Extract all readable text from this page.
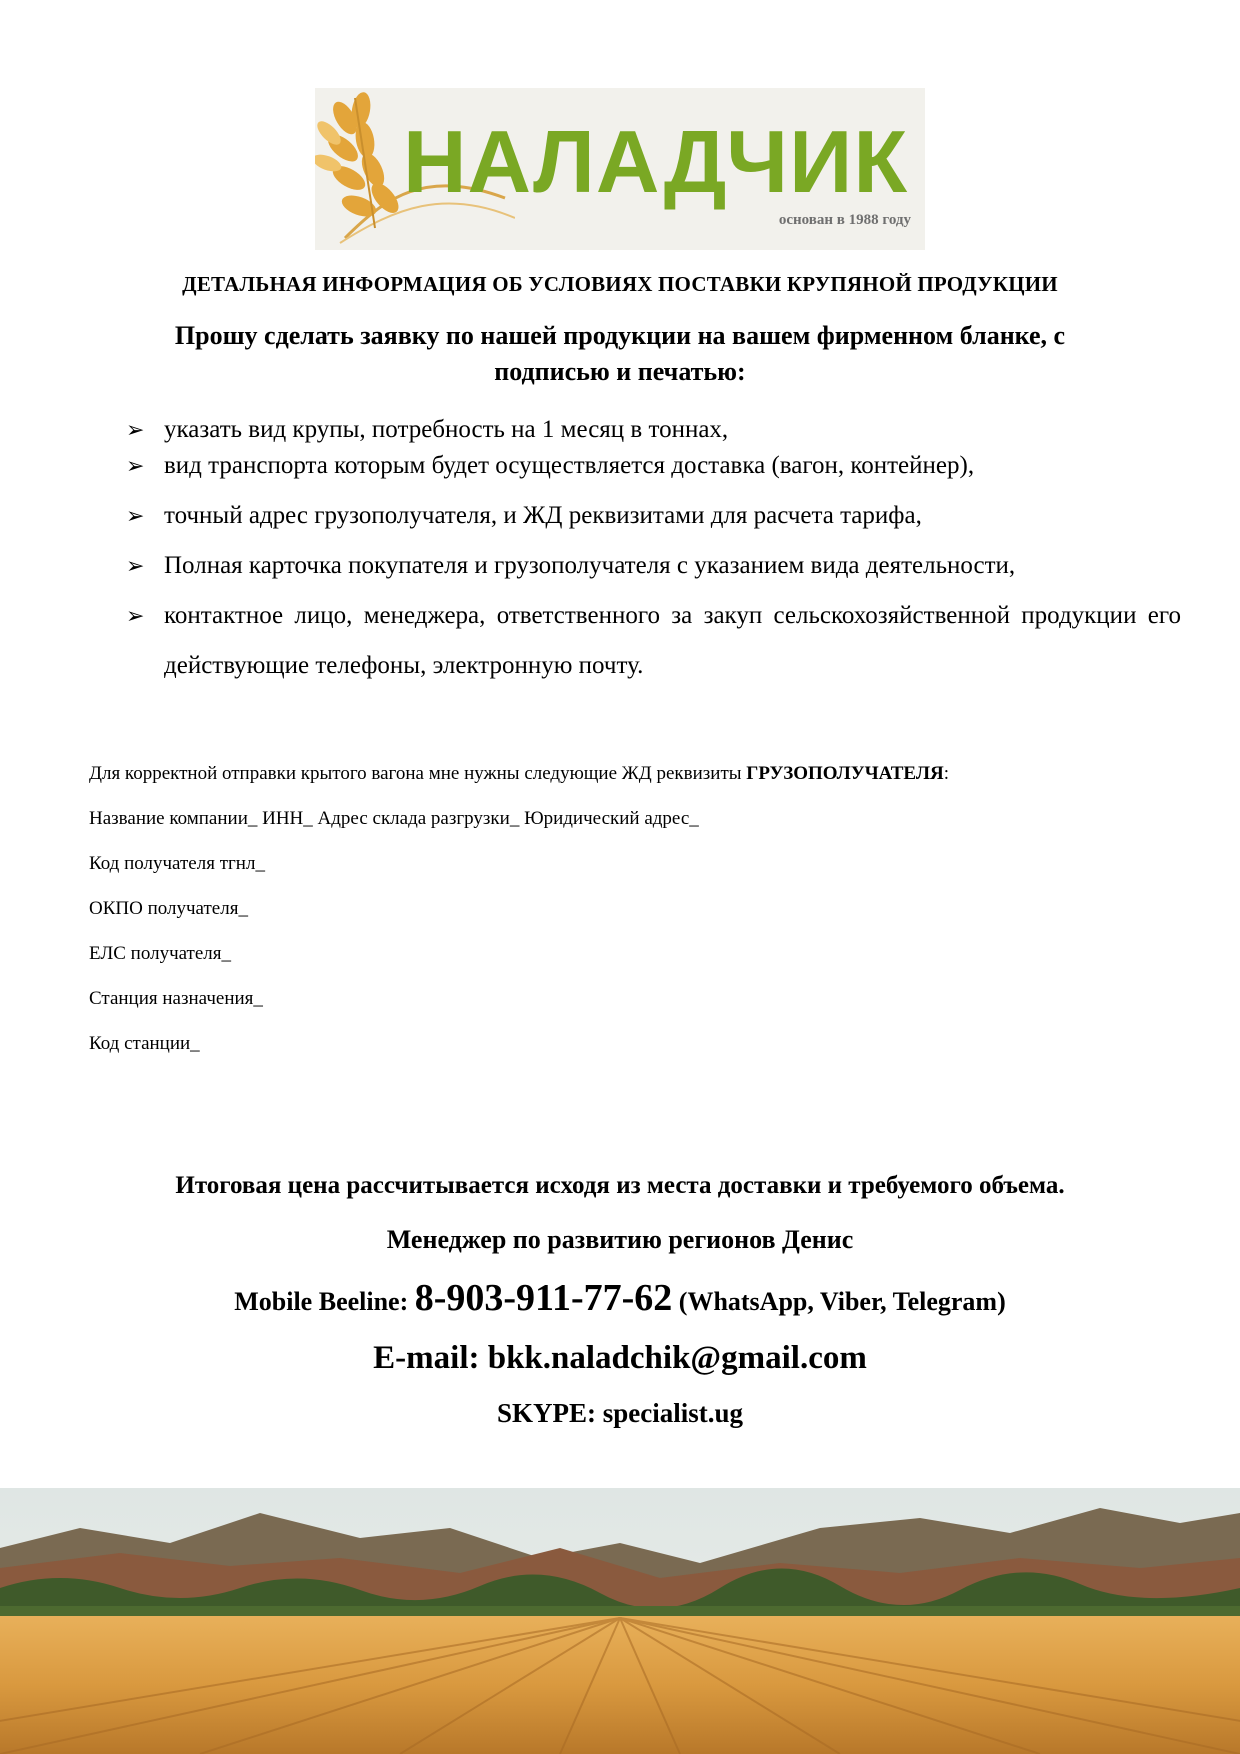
НАЛАДЧИК
основан в 1988 году
ДЕТАЛЬНАЯ ИНФОРМАЦИЯ ОБ УСЛОВИЯХ ПОСТАВКИ КРУПЯНОЙ ПРОДУКЦИИ
Прошу сделать заявку по нашей продукции на вашем фирменном бланке, с подписью и печатью:
➢ указать вид крупы, потребность на 1 месяц в тоннах,
➢ вид транспорта которым будет осуществляется доставка (вагон, контейнер),
➢ точный адрес грузополучателя, и ЖД реквизитами для расчета тарифа,
➢ Полная карточка покупателя и грузополучателя с указанием вида деятельности,
➢ контактное лицо, менеджера, ответственного за закуп сельскохозяйственной продукции его действующие телефоны, электронную почту.
Для корректной отправки крытого вагона мне нужны следующие ЖД реквизиты ГРУЗОПОЛУЧАТЕЛЯ:
Название компании_ ИНН_ Адрес склада разгрузки_ Юридический адрес_
Код получателя тгнл_
ОКПО получателя_
ЕЛС получателя_
Станция назначения_
Код станции_
Итоговая цена рассчитывается исходя из места доставки и требуемого объема.
Менеджер по развитию регионов Денис
Mobile Beeline: 8-903-911-77-62 (WhatsApp, Viber, Telegram)
E-mail: bkk.naladchik@gmail.com
SKYPE: specialist.ug
